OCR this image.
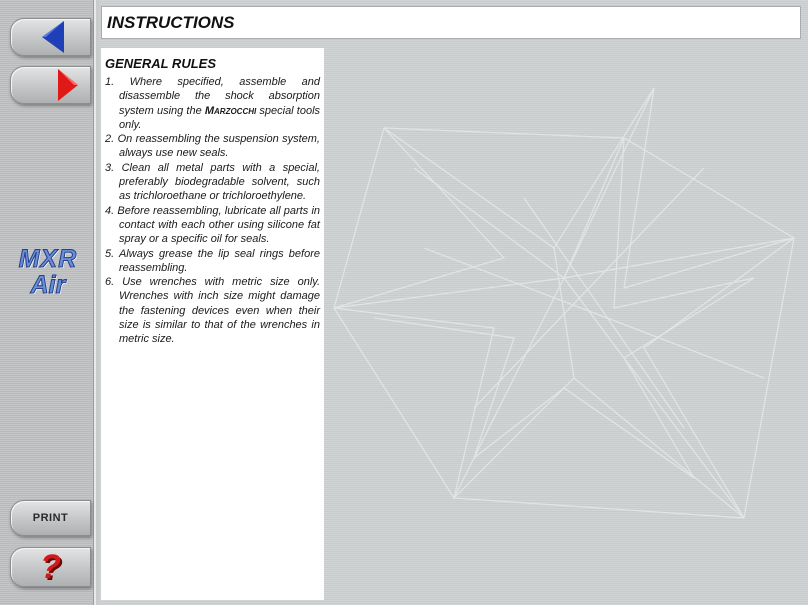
MXR
Air
PRINT
?
INSTRUCTIONS
GENERAL RULES
1. Where specified, assemble and disassemble the shock absorption system using the Marzocchi special tools only.
2. On reassembling the suspension system, always use new seals.
3. Clean all metal parts with a special, preferably biodegradable solvent, such as trichloroethane or trichloroethylene.
4. Before reassembling, lubricate all parts in contact with each other using silicone fat spray or a specific oil for seals.
5. Always grease the lip seal rings before reassembling.
6. Use wrenches with metric size only. Wrenches with inch size might damage the fastening devices even when their size is similar to that of the wrenches in metric size.
